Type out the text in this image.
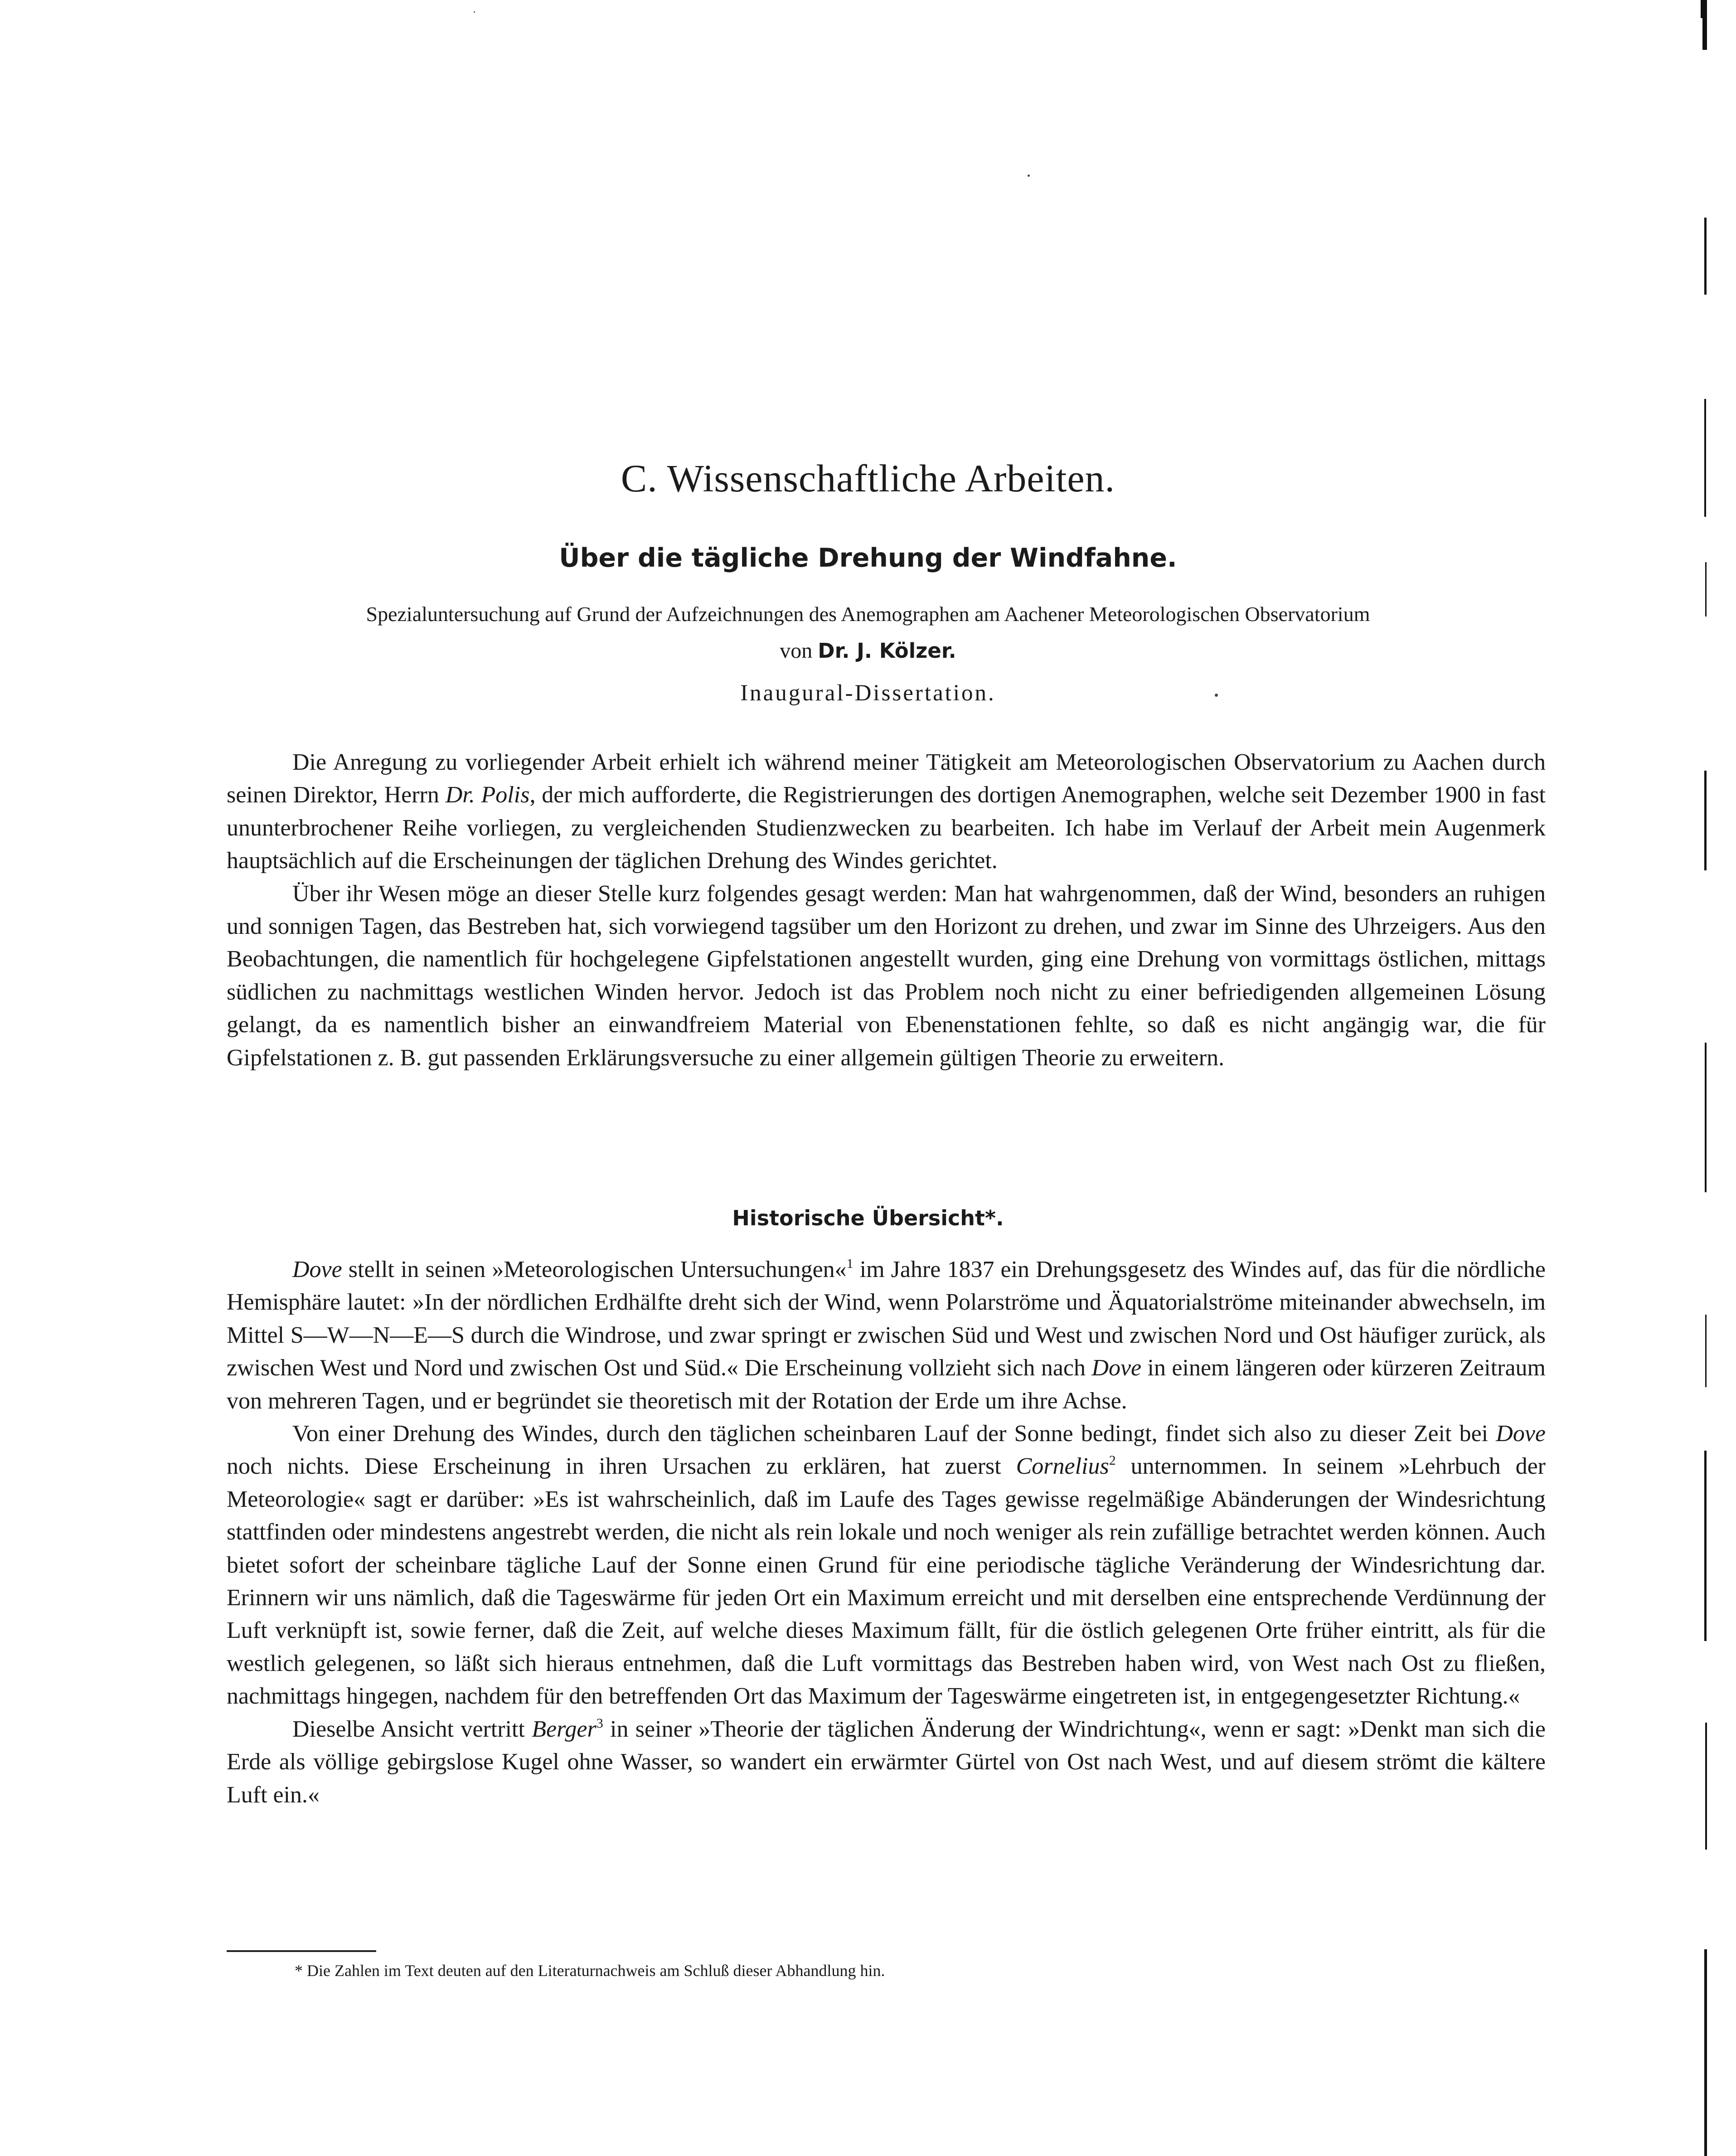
C. Wissenschaftliche Arbeiten.
Über die tägliche Drehung der Windfahne.
Spezialuntersuchung auf Grund der Aufzeichnungen des Anemographen am Aachener Meteorologischen Observatorium
von Dr. J. Kölzer.
Inaugural-Dissertation.

Die Anregung zu vorliegender Arbeit erhielt ich während meiner Tätigkeit am Meteorologischen Observatorium zu Aachen durch seinen Direktor, Herrn Dr. Polis, der mich aufforderte, die Registrierungen des dortigen Anemographen, welche seit Dezember 1900 in fast ununterbrochener Reihe vorliegen, zu vergleichenden Studienzwecken zu bearbeiten. Ich habe im Verlauf der Arbeit mein Augenmerk hauptsächlich auf die Erscheinungen der täglichen Drehung des Windes gerichtet.

Über ihr Wesen möge an dieser Stelle kurz folgendes gesagt werden: Man hat wahrgenommen, daß der Wind, besonders an ruhigen und sonnigen Tagen, das Bestreben hat, sich vorwiegend tagsüber um den Horizont zu drehen, und zwar im Sinne des Uhrzeigers. Aus den Beobachtungen, die namentlich für hochgelegene Gipfelstationen angestellt wurden, ging eine Drehung von vormittags östlichen, mittags südlichen zu nachmittags westlichen Winden hervor. Jedoch ist das Problem noch nicht zu einer befriedigenden allgemeinen Lösung gelangt, da es namentlich bisher an einwandfreiem Material von Ebenenstationen fehlte, so daß es nicht angängig war, die für Gipfelstationen z. B. gut passenden Erklärungsversuche zu einer allgemein gültigen Theorie zu erweitern.

Historische Übersicht*.

Dove stellt in seinen »Meteorologischen Untersuchungen«$^1$ im Jahre 1837 ein Drehungsgesetz des Windes auf, das für die nördliche Hemisphäre lautet: »In der nördlichen Erdhälfte dreht sich der Wind, wenn Polarströme und Äquatorialströme miteinander abwechseln, im Mittel S—W—N—E—S durch die Windrose, und zwar springt er zwischen Süd und West und zwischen Nord und Ost häufiger zurück, als zwischen West und Nord und zwischen Ost und Süd.« Die Erscheinung vollzieht sich nach Dove in einem längeren oder kürzeren Zeitraum von mehreren Tagen, und er begründet sie theoretisch mit der Rotation der Erde um ihre Achse.

Von einer Drehung des Windes, durch den täglichen scheinbaren Lauf der Sonne bedingt, findet sich also zu dieser Zeit bei Dove noch nichts. Diese Erscheinung in ihren Ursachen zu erklären, hat zuerst Cornelius$^2$ unternommen. In seinem »Lehrbuch der Meteorologie« sagt er darüber: »Es ist wahrscheinlich, daß im Laufe des Tages gewisse regelmäßige Abänderungen der Windesrichtung stattfinden oder mindestens angestrebt werden, die nicht als rein lokale und noch weniger als rein zufällige betrachtet werden können. Auch bietet sofort der scheinbare tägliche Lauf der Sonne einen Grund für eine periodische tägliche Veränderung der Windesrichtung dar. Erinnern wir uns nämlich, daß die Tageswärme für jeden Ort ein Maximum erreicht und mit derselben eine entsprechende Verdünnung der Luft verknüpft ist, sowie ferner, daß die Zeit, auf welche dieses Maximum fällt, für die östlich gelegenen Orte früher eintritt, als für die westlich gelegenen, so läßt sich hieraus entnehmen, daß die Luft vormittags das Bestreben haben wird, von West nach Ost zu fließen, nachmittags hingegen, nachdem für den betreffenden Ort das Maximum der Tageswärme eingetreten ist, in entgegengesetzter Richtung.«

Dieselbe Ansicht vertritt Berger$^3$ in seiner »Theorie der täglichen Änderung der Windrichtung«, wenn er sagt: »Denkt man sich die Erde als völlige gebirgslose Kugel ohne Wasser, so wandert ein erwärmter Gürtel von Ost nach West, und auf diesem strömt die kältere Luft ein.«

* Die Zahlen im Text deuten auf den Literaturnachweis am Schluß dieser Abhandlung hin.
